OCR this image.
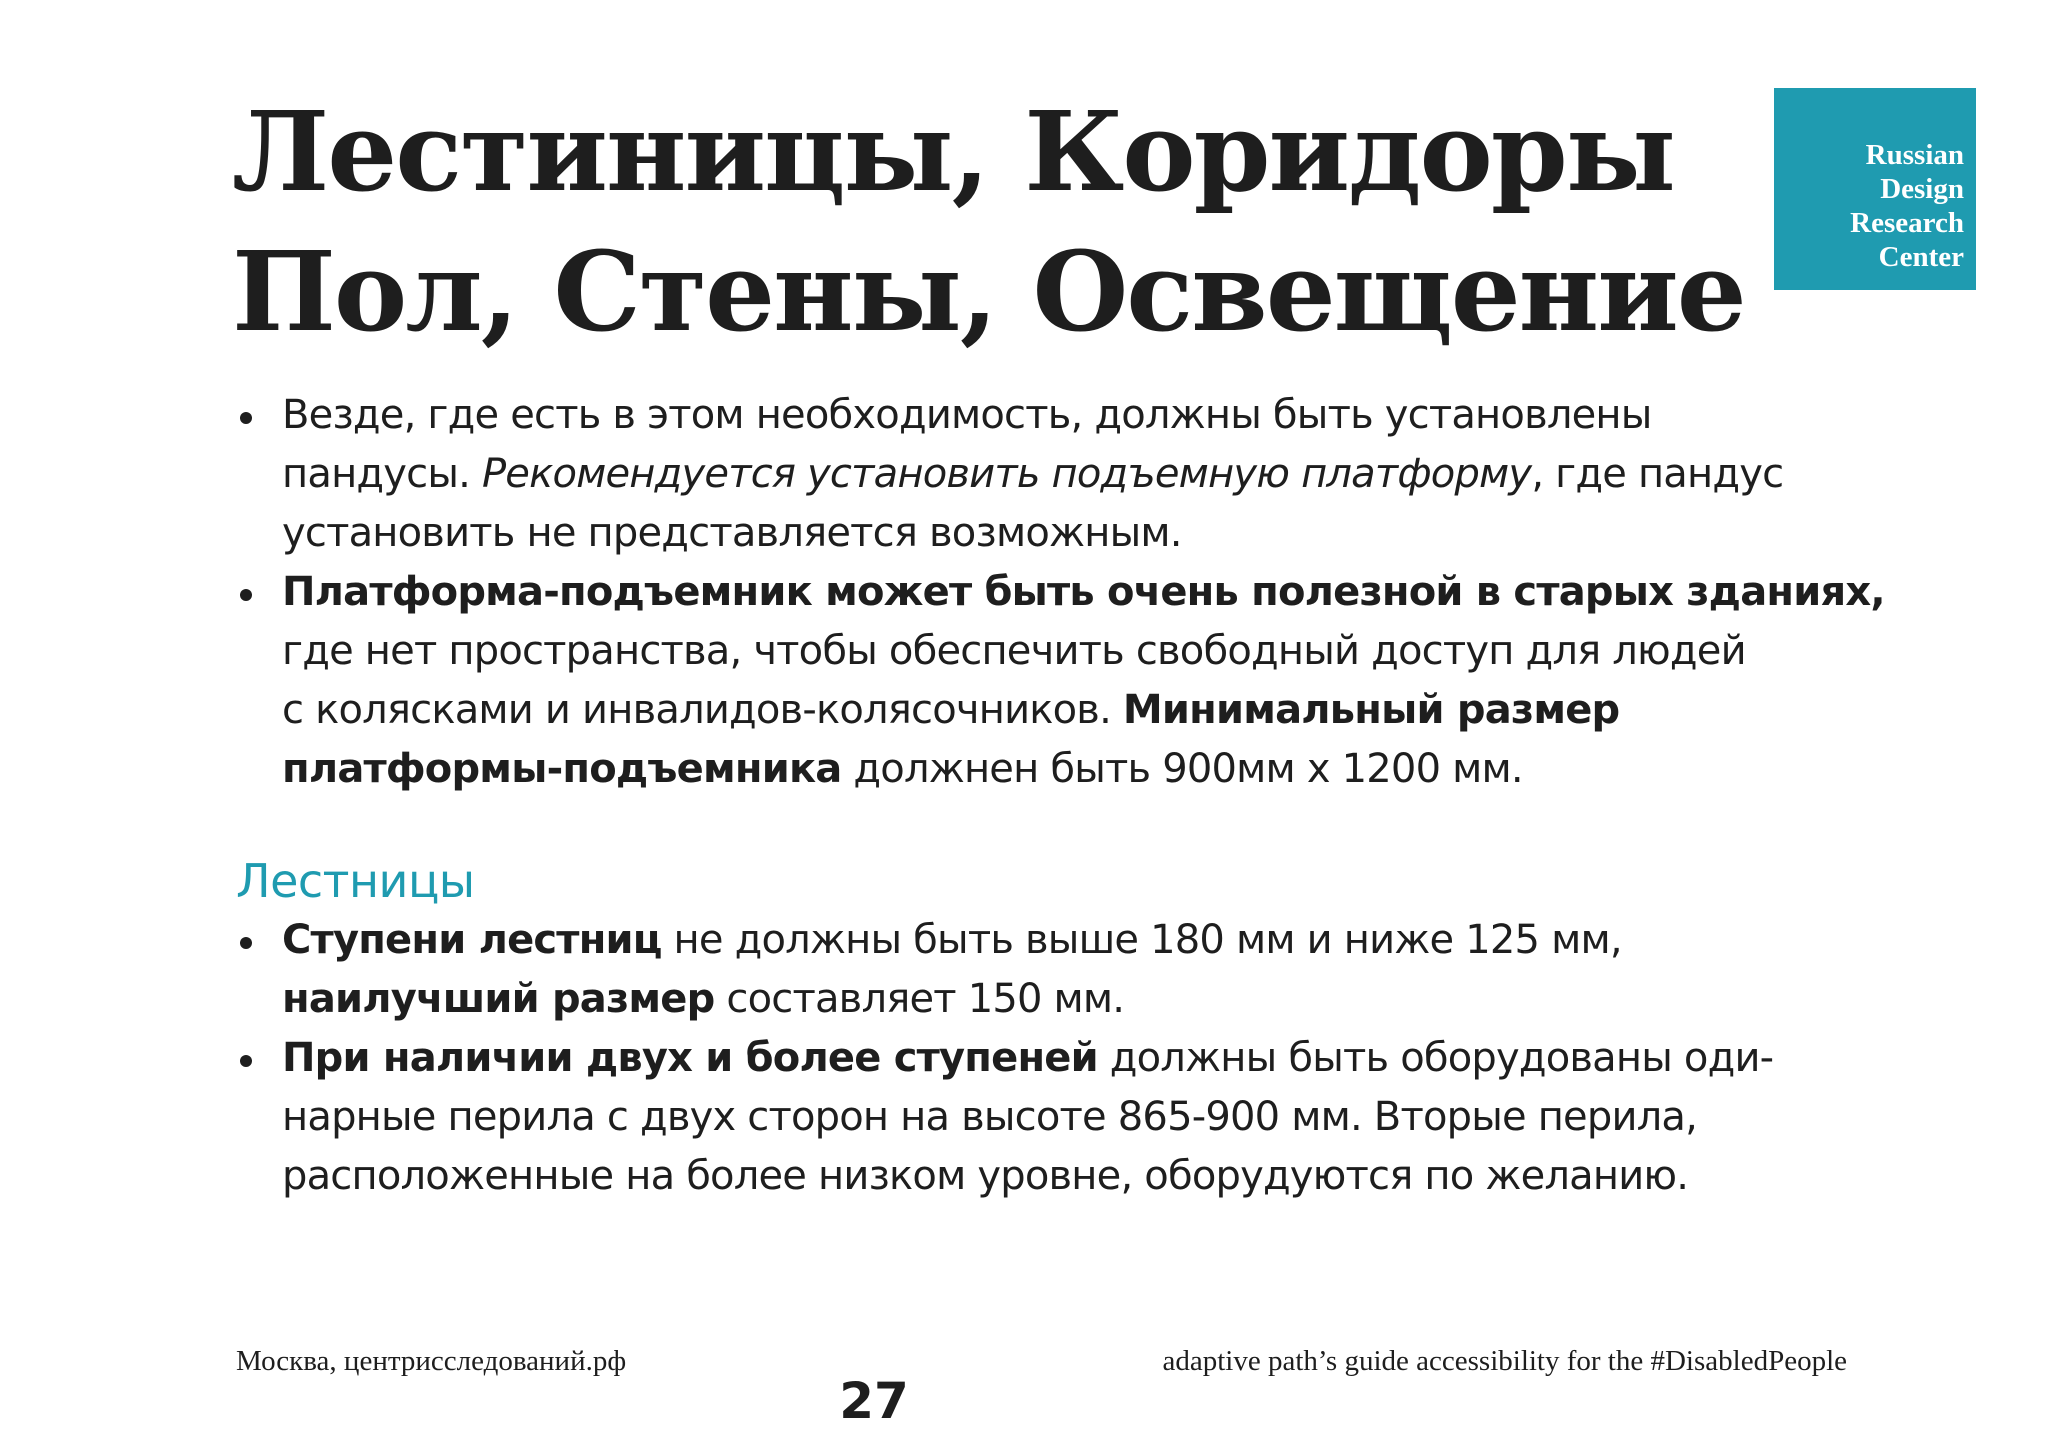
Лестиницы, Коридоры
Пол, Стены, Освещение
Russian
Design
Research
Center
Везде, где есть в этом необходимость, должны быть установлены
пандусы. Рекомендуется установить подъемную платформу, где пандус
установить не представляется возможным.
Платформа-подъемник может быть очень полезной в старых зданиях,
где нет пространства, чтобы обеспечить свободный доступ для людей
с колясками и инвалидов-колясочников. Минимальный размер
платформы-подъемника должнен быть 900мм х 1200 мм.
Лестницы
Ступени лестниц не должны быть выше 180 мм и ниже 125 мм,
наилучший размер составляет 150 мм.
При наличии двух и более ступеней должны быть оборудованы оди-
нарные перила с двух сторон на высоте 865-900 мм. Вторые перила,
расположенные на более низком уровне, оборудуются по желанию.
Москва, центриccледований.рф
27
adaptive path’s guide accessibility for the #DisabledPeople
